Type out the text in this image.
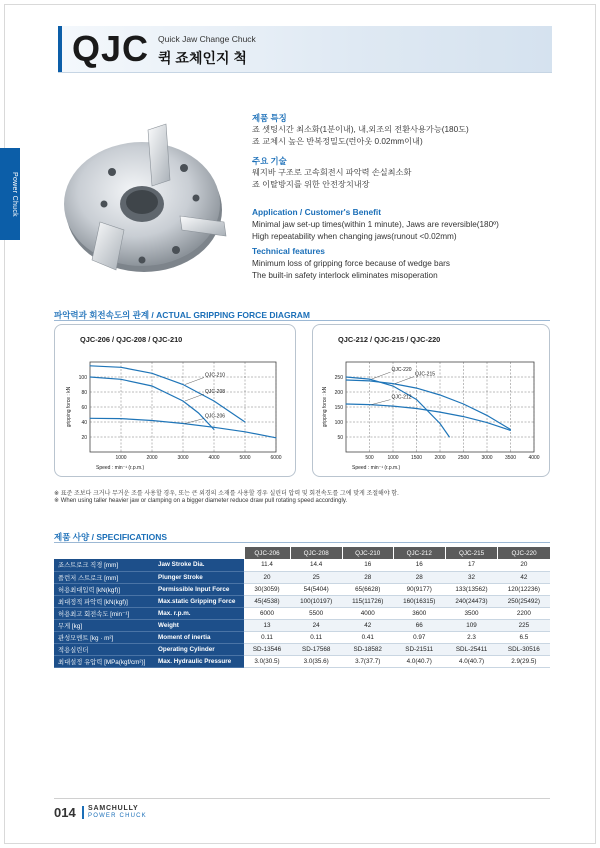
QJC Quick Jaw Change Chuck
퀵 죠체인지 척
Power Chuck
제품 특징
죠 셋팅시간 최소화(1분이내), 내,외조의 전환사용가능(180도)
죠 교체시 높은 반복정밀도(런아웃 0.02mm이내)
주요 기술
웨지바 구조로 고속회전시 파악력 손실최소화
죠 이탈방지를 위한 안전장치내장
Application / Customer's Benefit
Minimal jaw set-up times(within 1 minute), Jaws are reversible(180º)
High repeatability when changing jaws(runout <0.02mm)
Technical features
Minimum loss of gripping force because of wedge bars
The built-in safety interlock eliminates misoperation
파악력과 회전속도의 관계 / ACTUAL GRIPPING FORCE DIAGRAM
QJC-206 / QJC-208 / QJC-210
1000	2000	3000	4000	5000	6000
20
40
60
80
100
gripping force : kN
Speed : min⁻¹ (r.p.m.)
QJC-210
QJC-208
QJC-206
QJC-212 / QJC-215 / QJC-220
500	1000 1500 2000 2500 3000 3500 4000
50
100
150
200
250
gripping force : kN
Speed : min⁻¹ (r.p.m.)
QJC-220
QJC-215
QJC-212
※ 표준 조보다 크거나 무거운 조를 사용할 경우, 또는 큰 외경의 소재를 사용할 경우 실린더 압력 및 회전속도를 그에 맞게 조절해야 함.
※ When using taller heavier jaw or clamping on a bigger diameter reduce draw pull rotating speed accordingly.
제품 사양 / SPECIFICATIONS
		QJC-206	QJC-208	QJC-210	QJC-212	QJC-215	QJC-220
죠스트로크 직경 [mm]	Jaw Stroke Dia.	11.4	14.4	16	16	17	20
플런저 스트로크 [mm]	Plunger Stroke	20	25	28	28	32	42
허용최대입력 [kN(kgf)]	Permissible Input Force	30(3059)	54(5404)	65(6628)	90(9177)	133(13562)	120(12236)
최대정적 파악력 [kN(kgf)]	Max.static Gripping Force	45(4538)	100(10197)	115(11726)	160(16315)	240(24473)	250(25492)
허용최고 회전속도 [min⁻¹]	Max. r.p.m.	6000	5500	4000	3600	3500	2200
무게 [kg]	Weight	13	24	42	66	109	225
관성모멘트 [kg · m²]	Moment of inertia	0.11	0.11	0.41	0.97	2.3	6.5
적용실린더	Operating Cylinder	SD-13546	SD-17568	SD-18582	SD-21511	SDL-25411	SDL-30516
최대설정 유압력 [MPa(kgf/cm²)]	Max. Hydraulic Pressure	3.0(30.5)	3.0(35.6)	3.7(37.7)	4.0(40.7)	4.0(40.7)	2.9(29.5)
014 SAMCHULLY
POWER CHUCK
